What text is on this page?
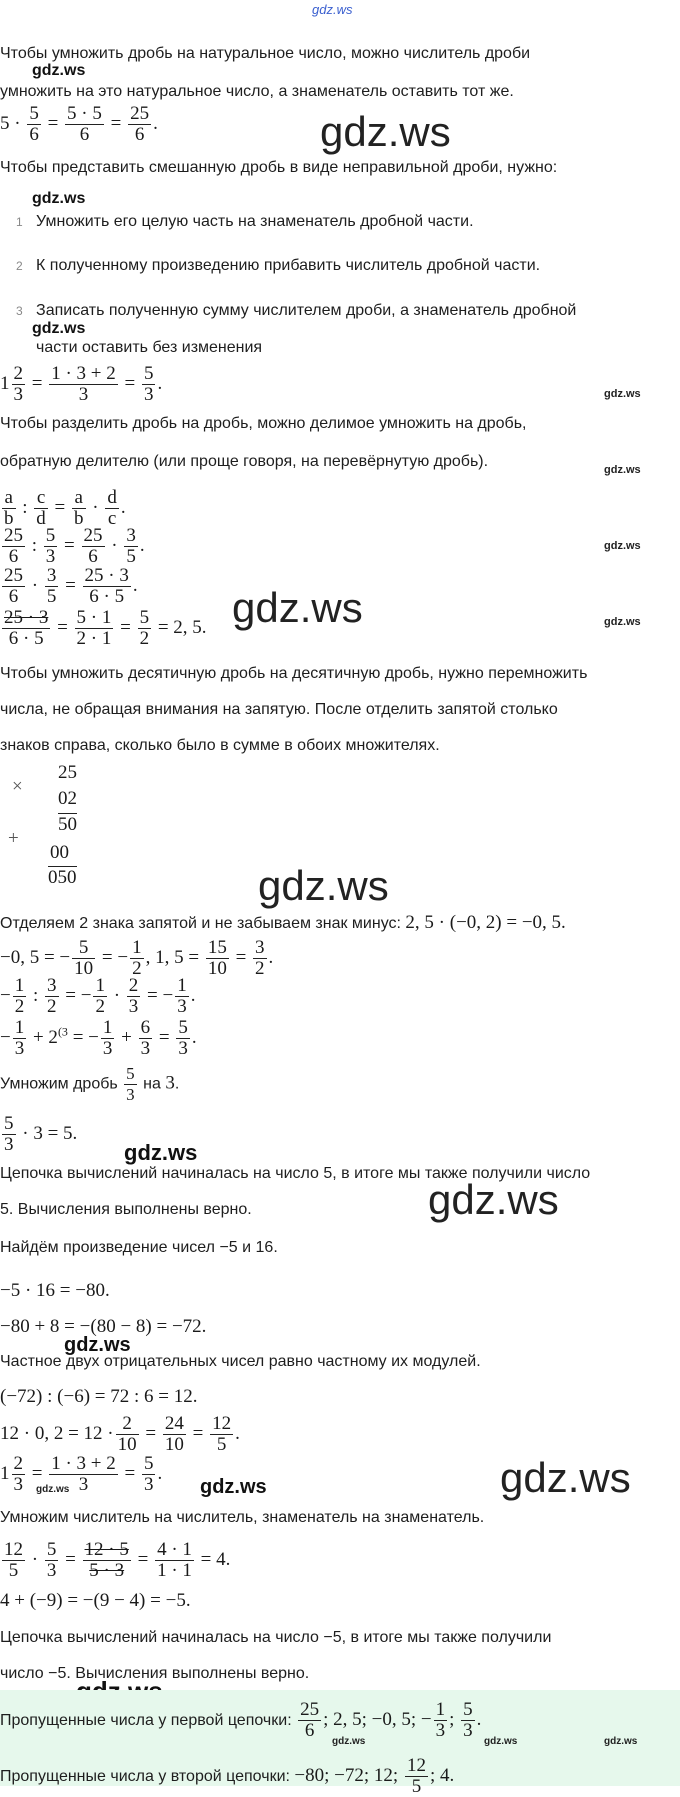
gdz.ws
Чтобы умножить дробь на натуральное число, можно числитель дроби
gdz.ws
умножить на это натуральное число, а знаменатель оставить тот же.
$5 \cdot \frac{5}{6} = \frac{5 \cdot 5}{6} = \frac{25}{6}$ .	gdz.ws
Чтобы представить смешанную дробь в виде неправильной дроби, нужно:
gdz.ws
1 Умножить его целую часть на знаменатель дробной части.
2 К полученному произведению прибавить числитель дробной части.
3 Записать полученную сумму числителем дроби, а знаменатель дробной
gdz.ws
части оставить без изменения
$1 \frac{2}{3} = \frac{1 \cdot 3 + 2}{3} = \frac{5}{3}$ .
gdz.ws
Чтобы разделить дробь на дробь, можно делимое умножить на дробь,
обратную делителю (или проще говоря, на перевёрнутую дробь).	gdz.ws
$\frac{a}{b}$ : $\frac{c}{d} = \frac{a}{b} \cdot \frac{d}{c}$ .
$\frac{25}{6}$ : $\frac{5}{3} = \frac{25}{6} \cdot \frac{3}{5}$ .	gdz.ws
$\frac{25}{6} \cdot \frac{3}{5} = \frac{25 \cdot 3}{6 \cdot 5}$ . gdz.ws
$\frac{25 \cdot 3}{6 \cdot 5} = \frac{5 \cdot 1}{2 \cdot 1} = \frac{5}{2} = 2$, 5.	gdz.ws
Чтобы умножить десятичную дробь на десятичную дробь, нужно перемножить
числа, не обращая внимания на запятую. После отделить запятой столько
знаков справа, сколько было в сумме в обоих множителях.
×
25
02
50
+
00
050	gdz.ws
Отделяем 2 знака запятой и не забываем знак минус: 2, 5 · (−0, 2) = −0, 5.
−0, 5 = − $\frac{5}{10}$ = − $\frac{1}{2}$ , 1, $5 = \frac{15}{10} = \frac{3}{2}$ .
− $\frac{1}{2}$ : $\frac{3}{2}$ = − $\frac{1}{2} \cdot \frac{2}{3}$ = − $\frac{1}{3}$ .
− $\frac{1}{3} + 2^{(3}$ = − $\frac{1}{3} + \frac{6}{3} = \frac{5}{3}$ .
Умножим дробь $\frac{5}{3}$ на 3.
$\frac{5}{3} \cdot 3 = 5$.
gdz.ws
Цепочка вычислений начиналась на число 5, в итоге мы также получили число
gdz.ws
5. Вычисления выполнены верно.
Найдём произведение чисел −5 и 16.
−5 · 16 = −80.
−80 + 8 = −(80 − 8) = −72.
gdz.ws
Частное двух отрицательных чисел равно частному их модулей.
(−72) : (−6) = 72 : 6 = 12.
12 · 0, $2 = 12 \cdot \frac{2}{10} = \frac{24}{10} = \frac{12}{5}$ .
$1 \frac{2}{3} = \frac{1 \cdot 3 + 2}{3} = \frac{5}{3}$ .
gdz.ws	gdz.ws	gdz.ws
Умножим числитель на числитель, знаменатель на знаменатель.
$\frac{12}{5} \cdot \frac{5}{3} = \frac{12 \cdot 5}{5 \cdot 3} = \frac{4 \cdot 1}{1 \cdot 1} = 4$.
4 + (−9) = −(9 − 4) = −5.
Цепочка вычислений начиналась на число −5, в итоге мы также получили
число −5. Вычисления выполнены верно.
Пропущенные числа у первой цепочки: $\frac{25}{6}$ ; 2, 5; −0, 5; − $\frac{1}{3}$ ; $\frac{5}{3}$ .
gdz.ws	gdz.ws	gdz.ws
Пропущенные числа у второй цепочки: −80; −72; 12; $\frac{12}{5}$ ; 4.
